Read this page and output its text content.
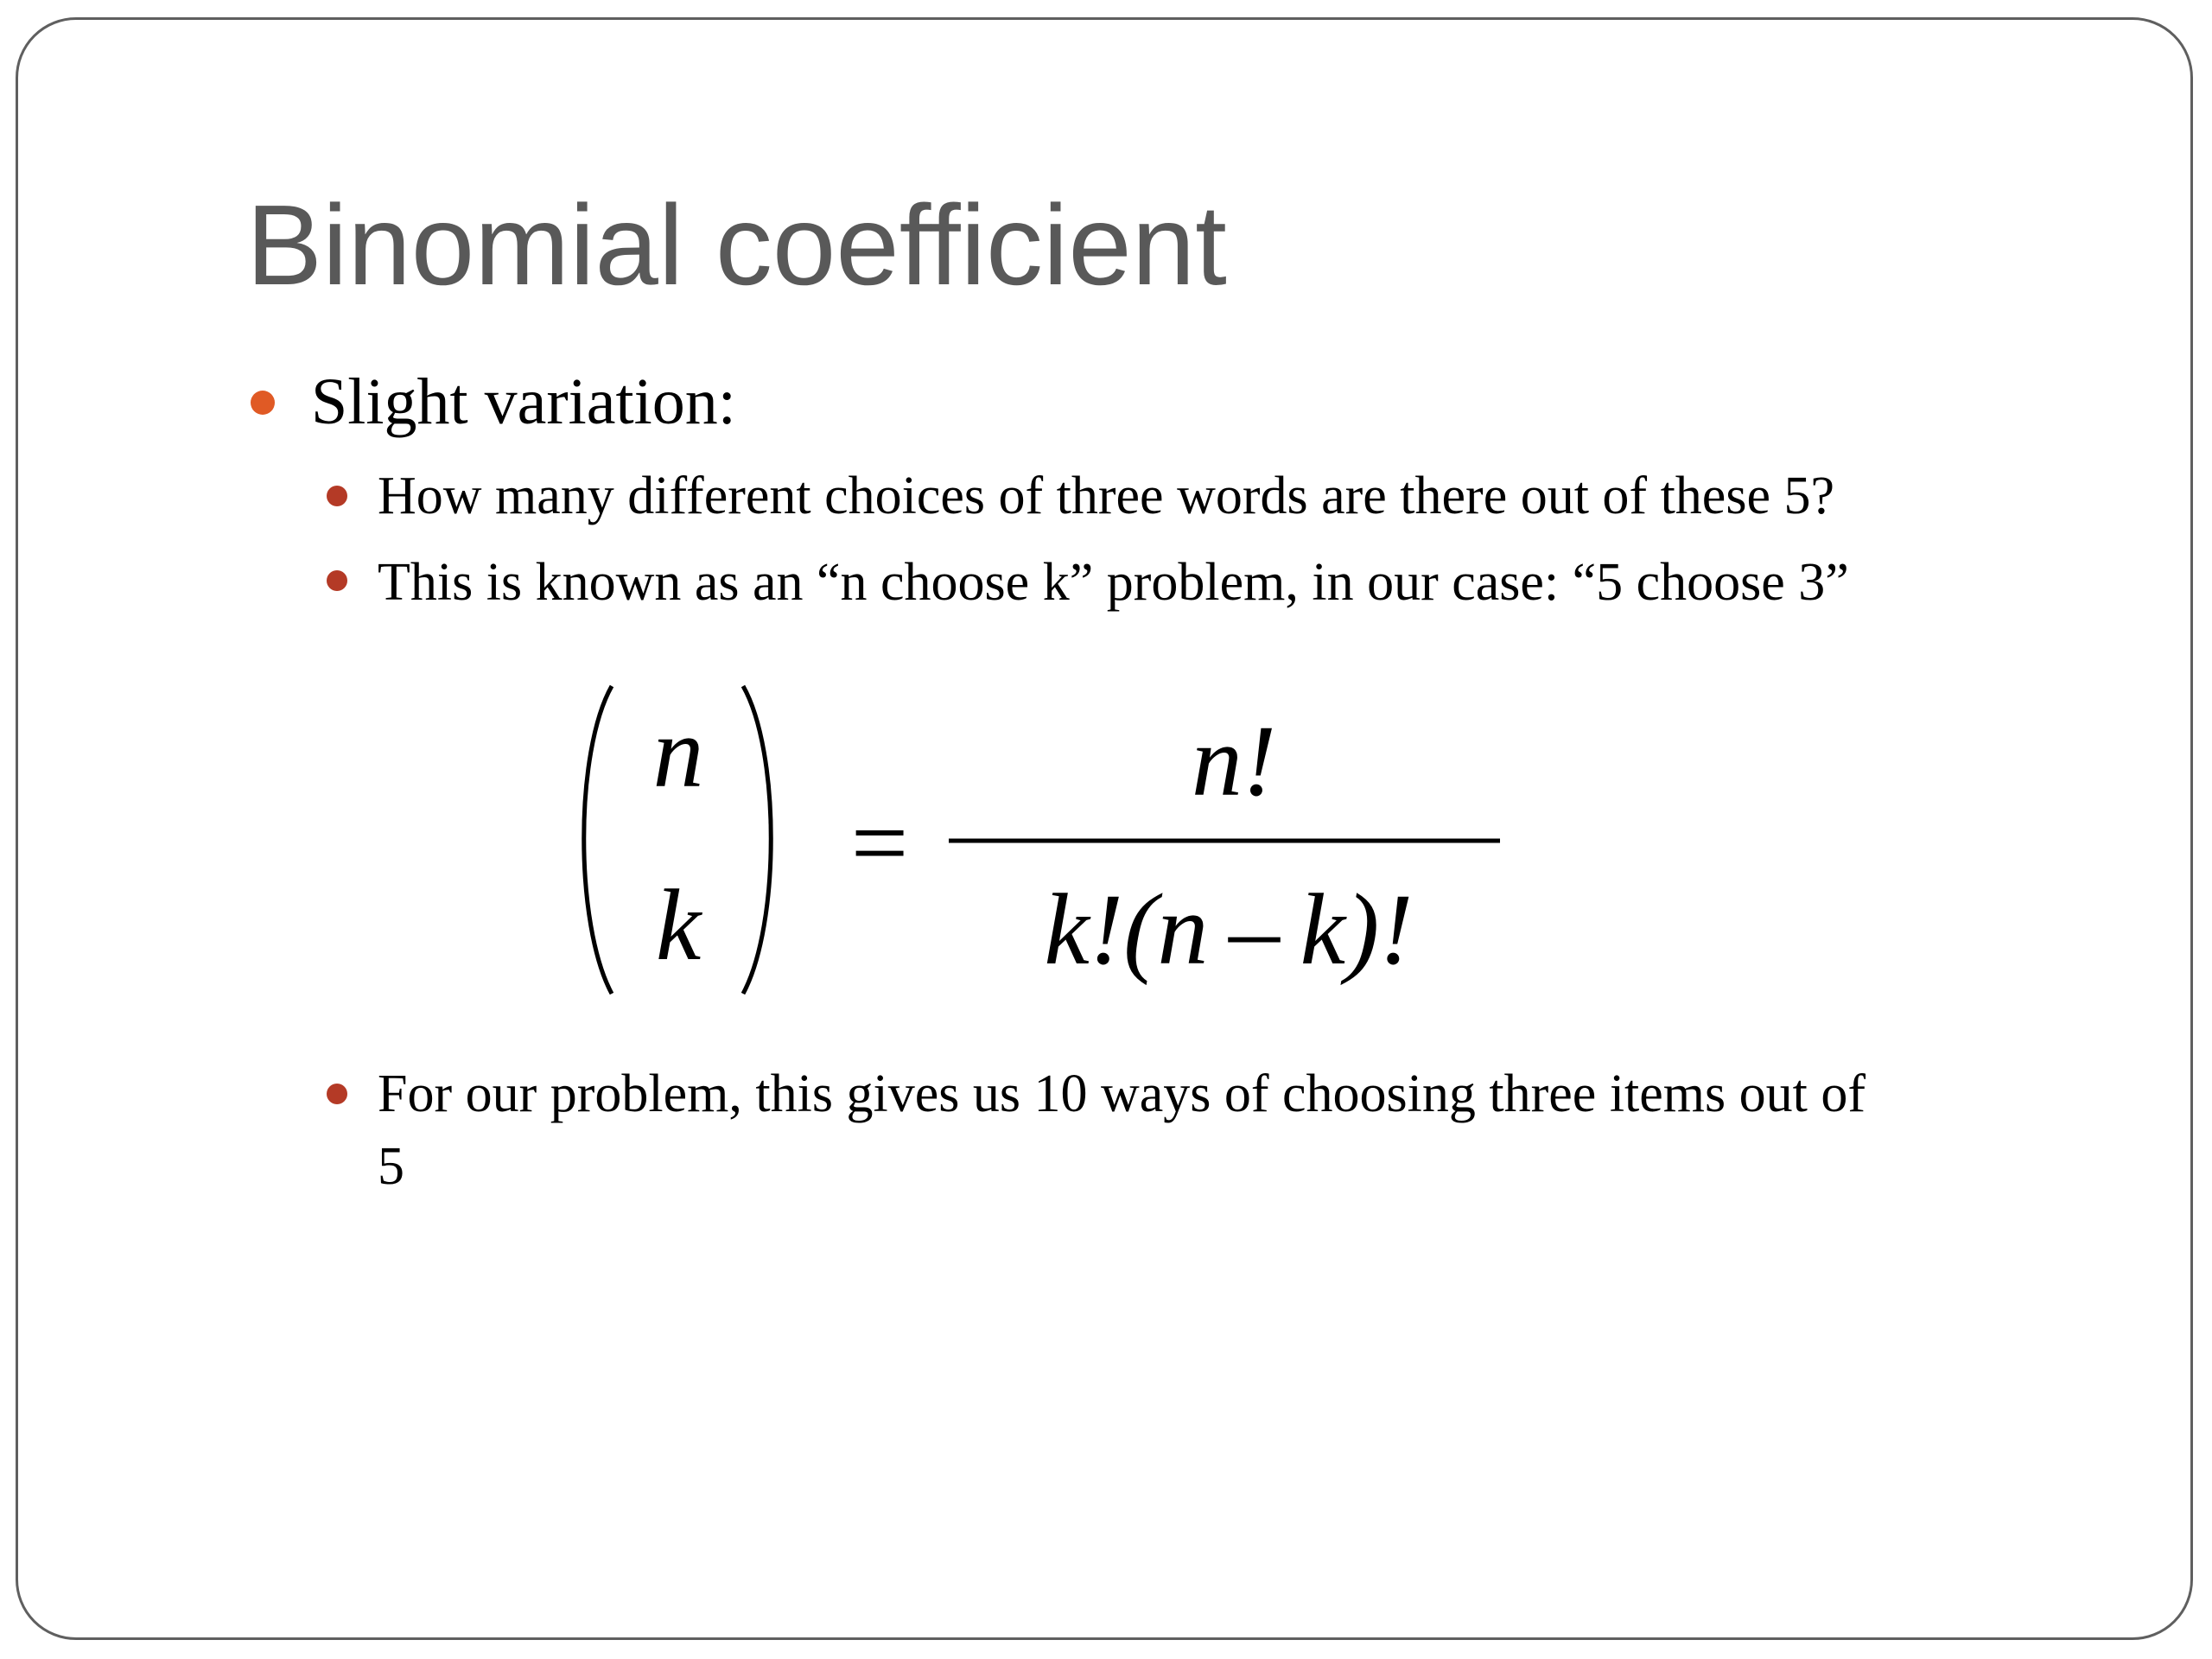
Binomial coefficient
Slight variation:
How many different choices of three words are there out of these 5?
This is known as an “n choose k” problem, in our case: “5 choose 3”
n
k
=
n!
k!(n – k)!
For our problem, this gives us 10 ways of choosing three items out of
5
